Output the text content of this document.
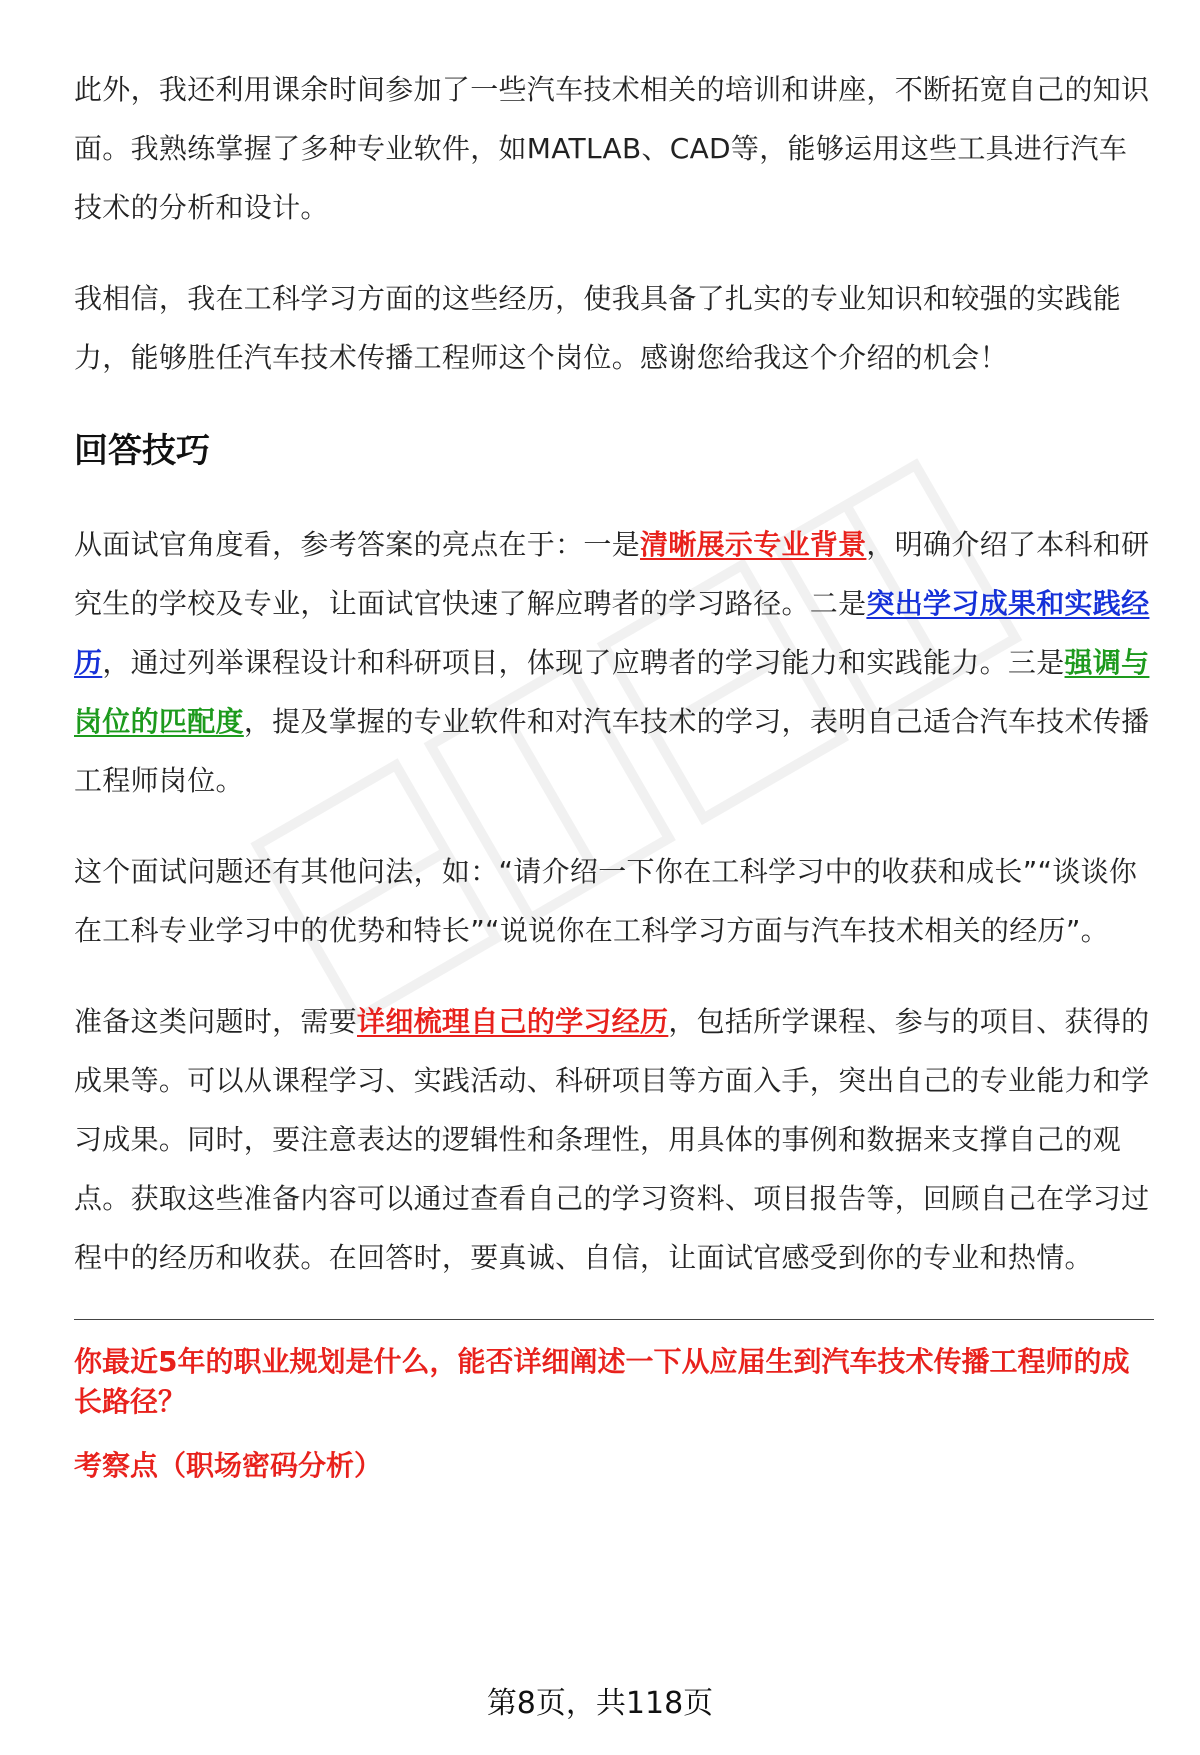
此外，我还利用课余时间参加了一些汽车技术相关的培训和讲座，不断拓宽自己的知识面。我熟练掌握了多种专业软件，如MATLAB、CAD等，能够运用这些工具进行汽车技术的分析和设计。

我相信，我在工科学习方面的这些经历，使我具备了扎实的专业知识和较强的实践能力，能够胜任汽车技术传播工程师这个岗位。感谢您给我这个介绍的机会！

回答技巧

从面试官角度看，参考答案的亮点在于：一是清晰展示专业背景，明确介绍了本科和研究生的学校及专业，让面试官快速了解应聘者的学习路径。二是突出学习成果和实践经历，通过列举课程设计和科研项目，体现了应聘者的学习能力和实践能力。三是强调与岗位的匹配度，提及掌握的专业软件和对汽车技术的学习，表明自己适合汽车技术传播工程师岗位。

这个面试问题还有其他问法，如：“请介绍一下你在工科学习中的收获和成长”“谈谈你在工科专业学习中的优势和特长”“说说你在工科学习方面与汽车技术相关的经历”。

准备这类问题时，需要详细梳理自己的学习经历，包括所学课程、参与的项目、获得的成果等。可以从课程学习、实践活动、科研项目等方面入手，突出自己的专业能力和学习成果。同时，要注意表达的逻辑性和条理性，用具体的事例和数据来支撑自己的观点。获取这些准备内容可以通过查看自己的学习资料、项目报告等，回顾自己在学习过程中的经历和收获。在回答时，要真诚、自信，让面试官感受到你的专业和热情。

你最近5年的职业规划是什么，能否详细阐述一下从应届生到汽车技术传播工程师的成长路径？
考察点（职场密码分析）
第8页，共118页
